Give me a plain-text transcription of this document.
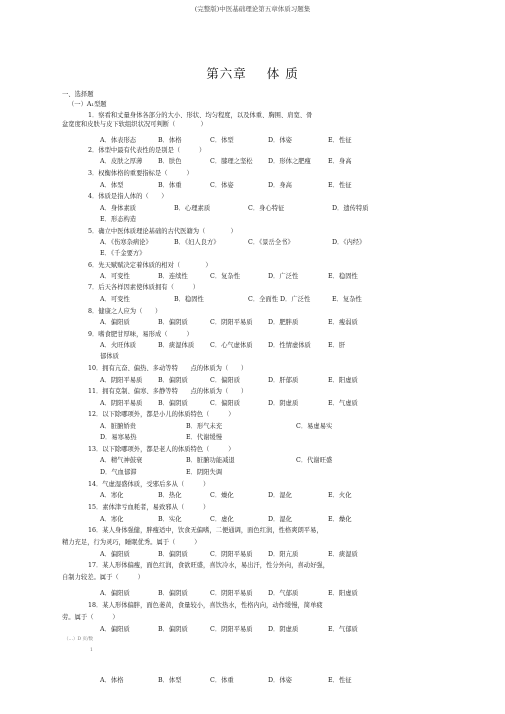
(完整版)中医基础理论第五章体质习题集
第六章 体 质
一、选择题
（一）A₁型题
1．察看和丈量身体各部分的大小、形状、均匀程度，以及体重、胸围、肩宽、骨
盆宽度和皮肤与皮下软组织状况可判断（　　　　）
A．体表形态	B．体格	C．体型	D．体姿	E．性征
2．体型中最有代表性的是别是（　　　）
A．皮肤之厚薄 B．肤色	C．膝理之坚松 D．形体之肥瘦	E．身高
3．权衡体格的重要指标是（　　　）
A．体型	B．体重	C．体姿	D．身高	E．性征
4．体质是指人体的（　　）
A．身体素质	B．心理素质	C．身心特征	D．遗传特质
E．形态构造
5．确立中医体质理论基础的古代医籍为（　　　　）
A．《伤寒杂病论》	B．《妇人良方》	C．《景岳全书》	D．《内经》
E．《千金要方》
6．先天赋赋决定着体质的相对（　　　　）
A．可变性	B．连续性	C．复杂性	D．广泛性	E．稳固性
7．后天各样因素使体质拥有（　　　）
A．可变性	B．稳固性	C．全面性 D．广泛性	E．复杂性
8．健康之人应为（　　）
A．偏阳质	B．偏阴质	C．阴阳平易质 D．肥胖质	E．瘦弱质
9．嗜食肥甘厚味，易形成（　　　）
A．火旺体质	B．痰湿体质	C．心气虚体质 D．性情虚体质	E．肝
郁体质
10．拥有亢奋、偏热、多动等特　　点的体质为（　　）
A．阴阳平易质 B．偏阴质	C．偏阳质	D．肝郁质	E．阳虚质
11．拥有克制、偏寒、多静等特　　点的体质为（　　）
A．阴阳平易质 B．偏阴质	C．偏阳质	D．阴虚质	E．气虚质
12．以下除哪项外，都是小儿的体质特色（　　　）
A．脏腑娇贵	B．形气未充	C．易虚易实
D．易寒易热	E．代谢缓慢
13．以下除哪项外，都是老人的体质特色（　　　）
A．精气神鼓衰	B．脏腑功能减退	C．代谢旺盛
D．气血郁滞	E．阴阳失调
14．气虚湿盛体质，受邪后多从（　　　）
A．寒化	B．热化	C．燥化	D．湿化	E．火化
15．素体津亏血耗者，易致邪从（　　　）
A．寒化	B．实化	C．虚化	D．湿化	E．燥化
16．某人身体强健，胖瘦适中，饮食无偏嗜，二便通调，面色红润，性格爽朗平易，
精力充足，行为灵巧，睡眠优秀。属于（　　　）
A．偏阳质	B．偏阴质	C．阴阳平易质 D．阳亢质	E．痰湿质
17．某人形体偏瘦，面色红润，食欲旺盛，喜饮冷水，易出汗，性分外向，喜动好强，
自制力较差。属于（　　　）
A．偏阳质	B．偏阴质	C．阴阳平易质 D．气郁质	E．阳虚质
18．某人形体偏胖，面色萎黄，食量较小，喜饮热水，性格内向，动作缓慢，简单疲
劳。属于（　　　）
A．偏阳质	B．偏阴质	C．阴阳平易质 D．阴虚质	E．气郁质
A．体格	B．体型	C．体重	D．体姿	E．性征
（…）D 页/数
1
